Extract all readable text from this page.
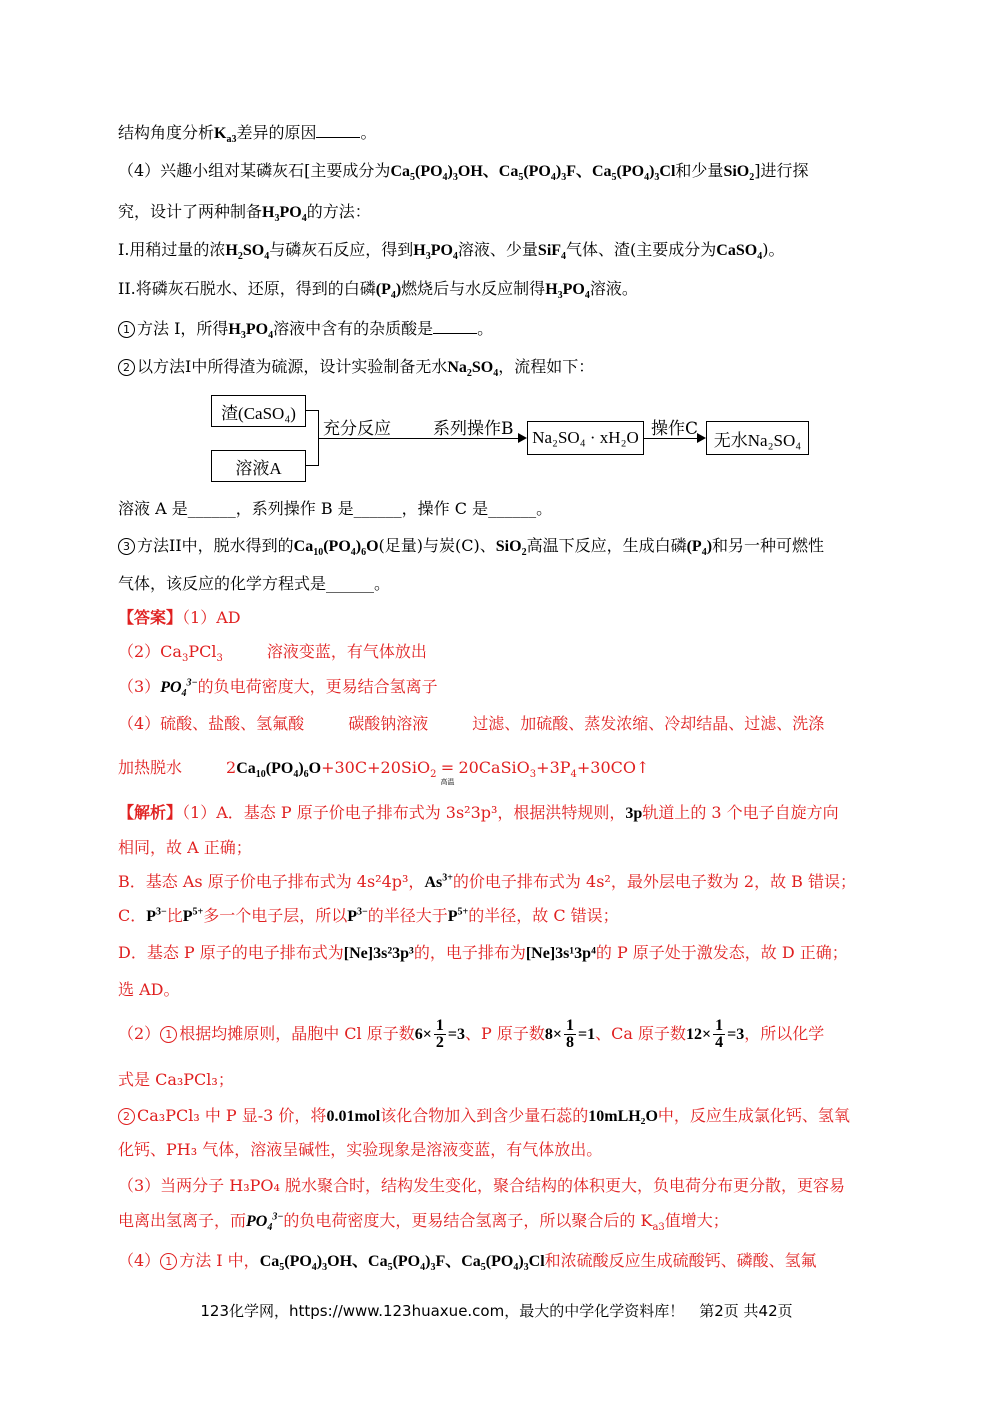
结构角度分析$K_{a3}$差异的原因	。
（4）兴趣小组对某磷灰石[主要成分为$Ca_5(PO_4)_3OH$、$Ca_5(PO_4)_3F$、$Ca_5(PO_4)_3Cl$和少量SiO$_2$]进行探
究，设计了两种制备$H_3PO_4$的方法：
I.用稍过量的浓$H_2SO_4$与磷灰石反应，得到$H_3PO_4$溶液、少量SiF$_4$气体、渣(主要成分为CaSO$_4$)。
II.将磷灰石脱水、还原，得到的白磷$(P_4)$燃烧后与水反应制得$H_3PO_4$溶液。
1 方法 I，所得$H_3PO_4$溶液中含有的杂质酸是	。
2 以方法I中所得渣为硫源，设计实验制备无水$Na_2SO_4$，流程如下：
渣(CaSO₄)
溶液A
充分反应 系列操作B	Na₂SO₄ · xH₂O 操作C
无水Na₂SO₄
溶液 A 是______，系列操作 B 是______，操作 C 是______。
3 方法II中，脱水得到的$Ca_{10}(PO_4)_6O$(足量)与炭(C)、SiO$_2$高温下反应，生成白磷$(P_4)$和另一种可燃性
气体，该反应的化学方程式是______。
【答案】（1）AD
$(2)Ca_3PCl_3$	溶液变蓝，有气体放出
$(3)PO_4^{3-}$的负电荷密度大，更易结合氢离子
（4）硫酸、盐酸、氢氟酸	碳酸钠溶液	过滤、加硫酸、蒸发浓缩、冷却结晶、过滤、洗涤
加热脱水	$2Ca_{10}(PO_4)_6O+30C+20SiO_2$ =
高温
$20CaSiO_3+3P_4+30CO↑$
【解析】（1）A．基态 P 原子价电子排布式为 3s²3p³，根据洪特规则，3p轨道上的 3 个电子自旋方向
相同，故 A 正确；
B．基态 As 原子价电子排布式为 4s²4p³，$As^{3+}$的价电子排布式为 4s²，最外层电子数为 2，故 B 错误；
C．$P^{3-}$比$P^{5+}$多一个电子层，所以$P^{3-}$的半径大于$P^{5+}$的半径，故 C 错误；
D．基态 P 原子的电子排布式为[Ne]3s²3p³的，电子排布为[Ne]3s¹3p⁴的 P 原子处于激发态，故 D 正确；
选 AD。
（2） 1 根据均摊原则，晶胞中 Cl 原子数$6\times \frac{1}{2} =3$、P 原子数$8\times \frac{1}{8} =1$、Ca 原子数$12\times \frac{1}{4} =3$，所以化学
式是 Ca₃PCl₃；
2 Ca₃PCl₃ 中 P 显-3 价，将0.01mol该化合物加入到含少量石蕊的10mLH₂O中，反应生成氯化钙、氢氧
化钙、PH₃ 气体，溶液呈碱性，实验现象是溶液变蓝，有气体放出。
（3）当两分子 H₃PO₄ 脱水聚合时，结构发生变化，聚合结构的体积更大，负电荷分布更分散，更容易
电离出氢离子，而$PO_4^{3-}$的负电荷密度大，更易结合氢离子，所以聚合后的 $K_{a3}$值增大；
（4） 1 方法 I 中，$Ca_5(PO_4)_3OH$、$Ca_5(PO_4)_3F$、$Ca_5(PO_4)_3Cl$和浓硫酸反应生成硫酸钙、磷酸、氢氟
123化学网，https://www.123huaxue.com，最大的中学化学资料库！　第2页 共42页
